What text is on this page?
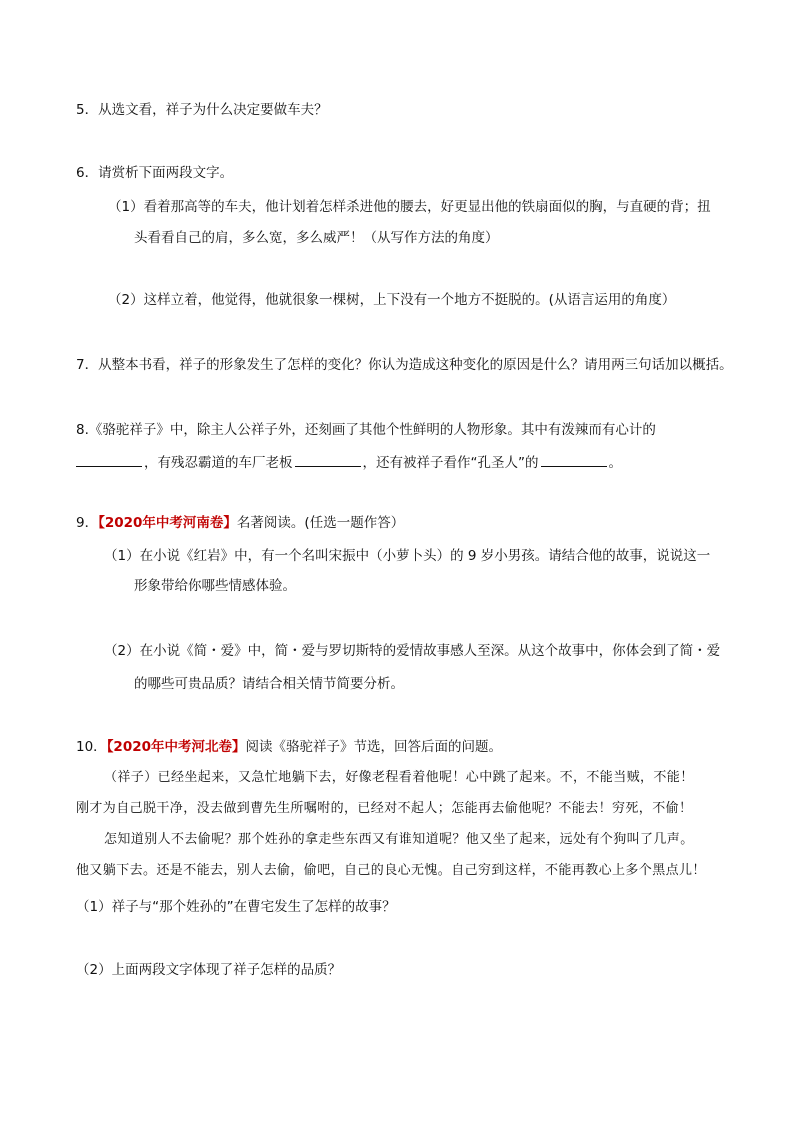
5．从选文看，祥子为什么决定要做车夫？
6．请赏析下面两段文字。
（1）看着那高等的车夫，他计划着怎样杀进他的腰去，好更显出他的铁扇面似的胸，与直硬的背；扭
头看看自己的肩，多么宽，多么威严！（从写作方法的角度）
（2）这样立着，他觉得，他就很象一棵树，上下没有一个地方不挺脱的。(从语言运用的角度）
7．从整本书看，祥子的形象发生了怎样的变化？你认为造成这种变化的原因是什么？请用两三句话加以概括。
8.《骆驼祥子》中，除主人公祥子外，还刻画了其他个性鲜明的人物形象。其中有泼辣而有心计的
，有残忍霸道的车厂老板	，还有被祥子看作“孔圣人”的	。
9．【2020年中考河南卷】名著阅读。(任选一题作答）
（1）在小说《红岩》中，有一个名叫宋振中（小萝卜头）的 9 岁小男孩。请结合他的故事，说说这一
形象带给你哪些情感体验。
（2）在小说《简・爱》中，简・爱与罗切斯特的爱情故事感人至深。从这个故事中，你体会到了简・爱
的哪些可贵品质？请结合相关情节简要分析。
10．【2020年中考河北卷】阅读《骆驼祥子》节选，回答后面的问题。
（祥子）已经坐起来，又急忙地躺下去，好像老程看着他呢！心中跳了起来。不，不能当贼，不能！
刚才为自己脱干净，没去做到曹先生所嘱咐的，已经对不起人；怎能再去偷他呢？不能去！穷死，不偷！
怎知道别人不去偷呢？那个姓孙的拿走些东西又有谁知道呢？他又坐了起来，远处有个狗叫了几声。
他又躺下去。还是不能去，别人去偷，偷吧，自己的良心无愧。自己穷到这样，不能再教心上多个黑点儿！
（1）祥子与“那个姓孙的”在曹宅发生了怎样的故事？
（2）上面两段文字体现了祥子怎样的品质？
